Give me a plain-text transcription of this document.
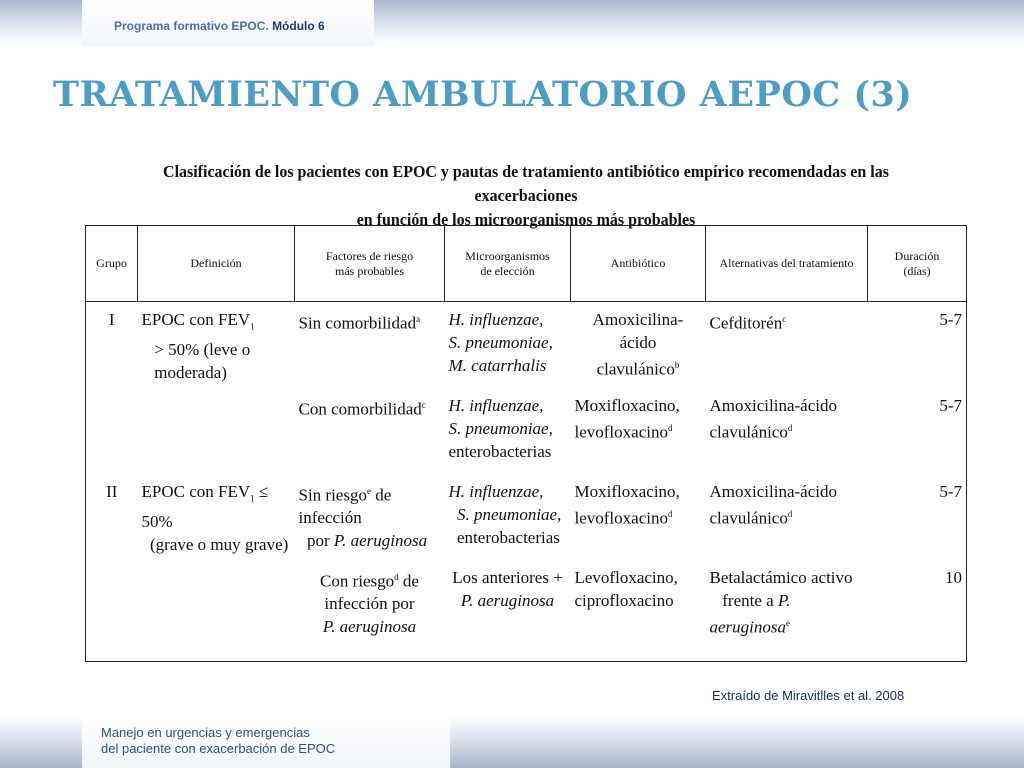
Programa formativo EPOC. Módulo 6
TRATAMIENTO AMBULATORIO AEPOC (3)
Clasificación de los pacientes con EPOC y pautas de tratamiento antibiótico empírico recomendadas en las exacerbaciones
en función de los microorganismos más probables
Grupo	Definición	Factores de riesgo
más probables	Microorganismos
de elección	Antibiótico	Alternativas del tratamiento	Duración
(días)
I	EPOC con $FEV_1$
> 50% (leve o
moderada)	Sin comorbilidad$^a$	H. influenzae,
S. pneumoniae,
M. catarrhalis	Amoxicilina-ácido
clavulánico$^b$	Cefditorén$^c$	5-7
		Con comorbilidad$^c$	H. influenzae,
S. pneumoniae,
enterobacterias	Moxifloxacino,
levofloxacino$^d$	Amoxicilina-ácido
clavulánico$^d$	5-7
II	EPOC con $FEV_1 \le 50\%$
(grave o muy grave)	Sin riesgo$^e$ de infección
por P. aeruginosa	H. influenzae,
S. pneumoniae,
enterobacterias	Moxifloxacino,
levofloxacino$^d$	Amoxicilina-ácido
clavulánico$^d$	5-7
		Con riesgo$^d$ de
infección por
P. aeruginosa	Los anteriores +
P. aeruginosa	Levofloxacino,
ciprofloxacino	Betalactámico activo
frente a P. aeruginosa$^e$	10
Extraído de Miravitlles et al. 2008
Manejo en urgencias y emergencias
del paciente con exacerbación de EPOC
